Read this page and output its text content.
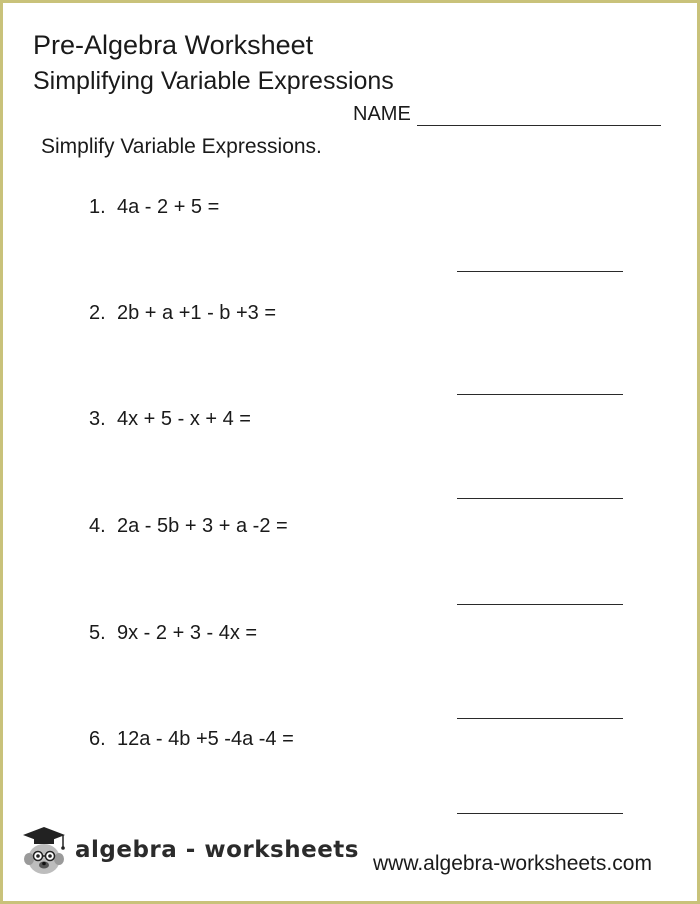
Pre-Algebra Worksheet
Simplifying Variable Expressions
NAME
Simplify Variable Expressions.
1. 4a - 2 + 5 =
2. 2b + a +1 - b +3 =
3. 4x + 5 - x + 4 =
4. 2a - 5b + 3 + a -2 =
5. 9x - 2 + 3 - 4x =
6. 12a - 4b +5 -4a -4 =
algebra - worksheets
www.algebra-worksheets.com
